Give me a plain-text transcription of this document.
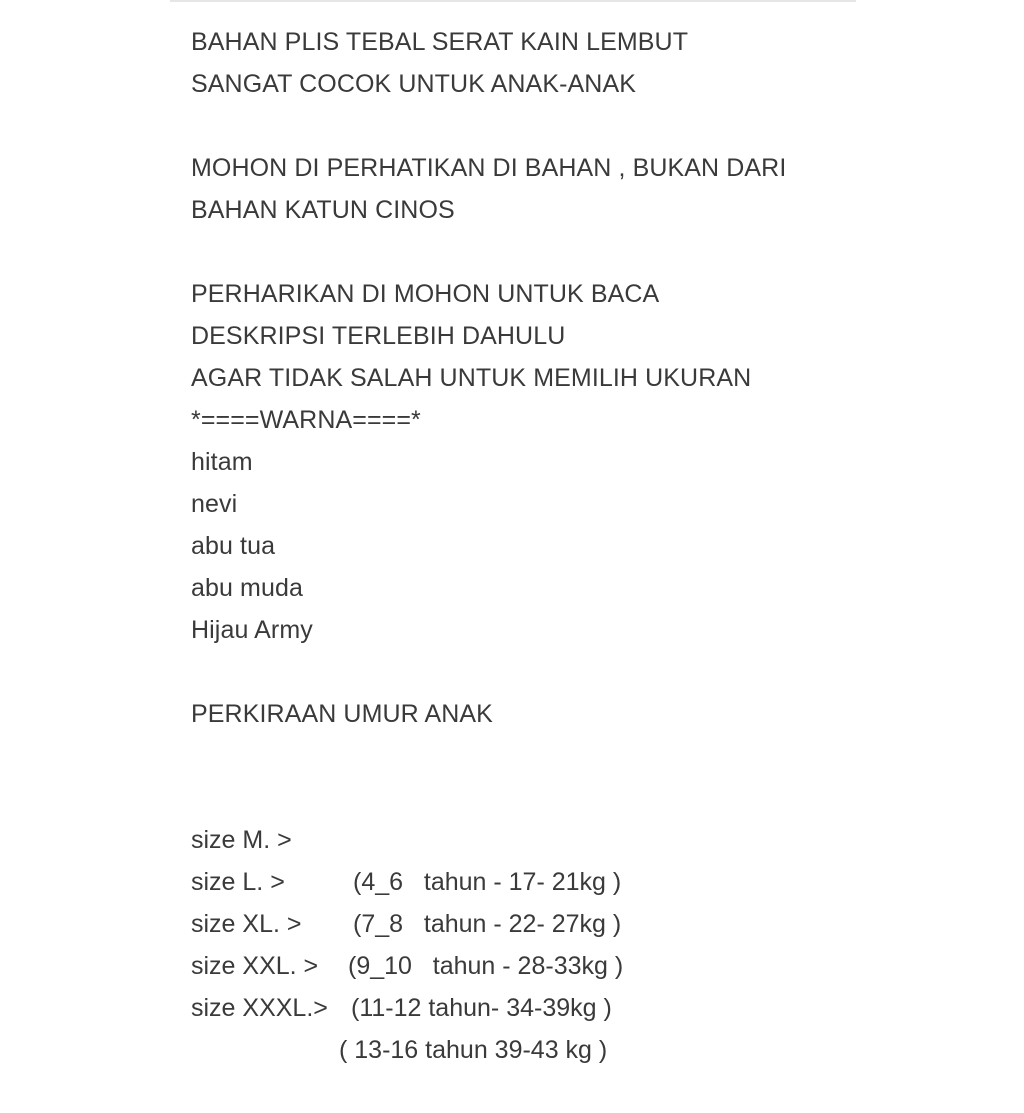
BAHAN PLIS TEBAL SERAT KAIN LEMBUT
SANGAT COCOK UNTUK ANAK-ANAK
MOHON DI PERHATIKAN DI BAHAN , BUKAN DARI
BAHAN KATUN CINOS
PERHARIKAN DI MOHON UNTUK BACA
DESKRIPSI TERLEBIH DAHULU
AGAR TIDAK SALAH UNTUK MEMILIH UKURAN
*====WARNA====*
hitam
nevi
abu tua
abu muda
Hijau Army
PERKIRAAN UMUR ANAK

size M. >

(4_6   tahun - 17- 21kg )

size L. >

(7_8   tahun - 22- 27kg )

size XL. >

(9_10   tahun - 28-33kg )

size XXL. >

(11-12 tahun- 34-39kg )

size XXXL.>

( 13-16 tahun 39-43 kg )
